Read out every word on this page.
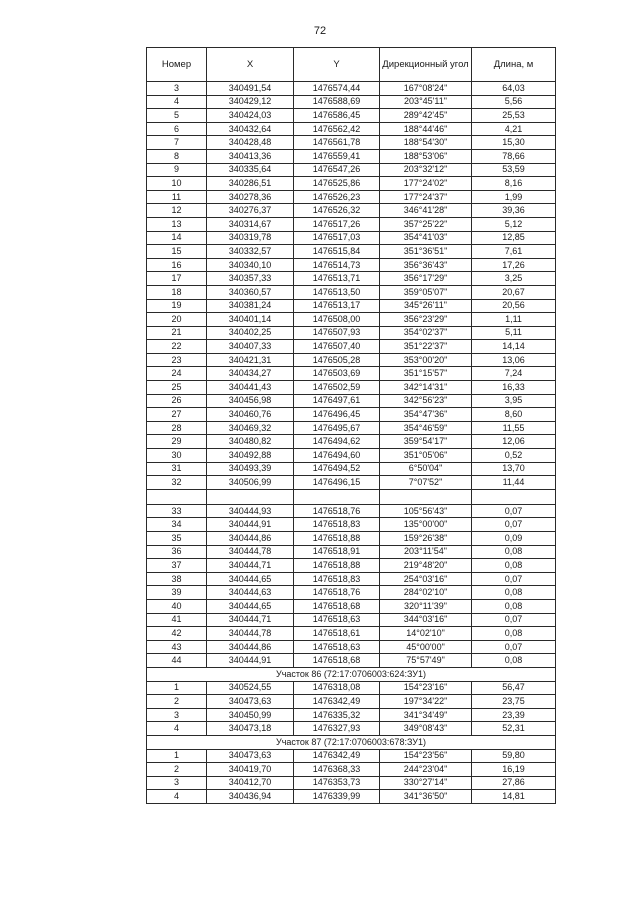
72
Номер	X	Y	Дирекционный угол	Длина, м
3	340491,54	1476574,44	167°08'24"	64,03
4	340429,12	1476588,69	203°45'11"	5,56
5	340424,03	1476586,45	289°42'45"	25,53
6	340432,64	1476562,42	188°44'46"	4,21
7	340428,48	1476561,78	188°54'30"	15,30
8	340413,36	1476559,41	188°53'06"	78,66
9	340335,64	1476547,26	203°32'12"	53,59
10	340286,51	1476525,86	177°24'02"	8,16
11	340278,36	1476526,23	177°24'37"	1,99
12	340276,37	1476526,32	346°41'28"	39,36
13	340314,67	1476517,26	357°25'22"	5,12
14	340319,78	1476517,03	354°41'03"	12,85
15	340332,57	1476515,84	351°36'51"	7,61
16	340340,10	1476514,73	356°36'43"	17,26
17	340357,33	1476513,71	356°17'29"	3,25
18	340360,57	1476513,50	359°05'07"	20,67
19	340381,24	1476513,17	345°26'11"	20,56
20	340401,14	1476508,00	356°23'29"	1,11
21	340402,25	1476507,93	354°02'37"	5,11
22	340407,33	1476507,40	351°22'37"	14,14
23	340421,31	1476505,28	353°00'20"	13,06
24	340434,27	1476503,69	351°15'57"	7,24
25	340441,43	1476502,59	342°14'31"	16,33
26	340456,98	1476497,61	342°56'23"	3,95
27	340460,76	1476496,45	354°47'36"	8,60
28	340469,32	1476495,67	354°46'59"	11,55
29	340480,82	1476494,62	359°54'17"	12,06
30	340492,88	1476494,60	351°05'06"	0,52
31	340493,39	1476494,52	6°50'04"	13,70
32	340506,99	1476496,15	7°07'52"	11,44

33	340444,93	1476518,76	105°56'43"	0,07
34	340444,91	1476518,83	135°00'00"	0,07
35	340444,86	1476518,88	159°26'38"	0,09
36	340444,78	1476518,91	203°11'54"	0,08
37	340444,71	1476518,88	219°48'20"	0,08
38	340444,65	1476518,83	254°03'16"	0,07
39	340444,63	1476518,76	284°02'10"	0,08
40	340444,65	1476518,68	320°11'39"	0,08
41	340444,71	1476518,63	344°03'16"	0,07
42	340444,78	1476518,61	14°02'10"	0,08
43	340444,86	1476518,63	45°00'00"	0,07
44	340444,91	1476518,68	75°57'49"	0,08
Участок 86 (72:17:0706003:624:ЗУ1)				
1	340524,55	1476318,08	154°23'16"	56,47
2	340473,63	1476342,49	197°34'22"	23,75
3	340450,99	1476335,32	341°34'49"	23,39
4	340473,18	1476327,93	349°08'43"	52,31
Участок 87 (72:17:0706003:678:ЗУ1)				
1	340473,63	1476342,49	154°23'56"	59,80
2	340419,70	1476368,33	244°23'04"	16,19
3	340412,70	1476353,73	330°27'14"	27,86
4	340436,94	1476339,99	341°36'50"	14,81
